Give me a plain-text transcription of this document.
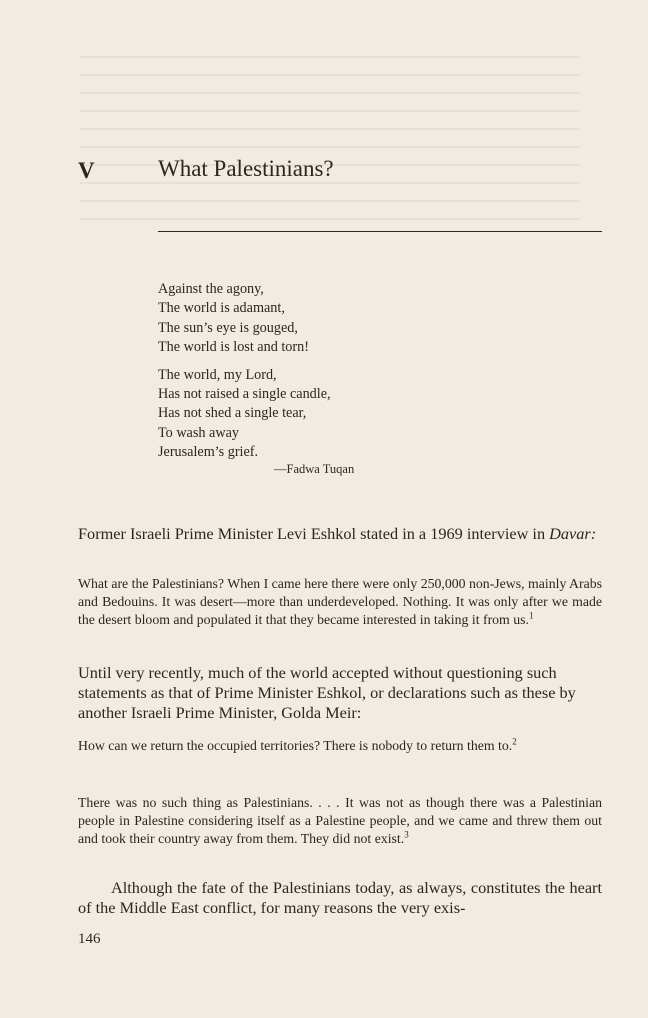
V	What Palestinians?
Against the agony,
The world is adamant,
The sun’s eye is gouged,
The world is lost and torn!
The world, my Lord,
Has not raised a single candle,
Has not shed a single tear,
To wash away
Jerusalem’s grief.
—Fadwa Tuqan

Former Israeli Prime Minister Levi Eshkol stated in a 1969 interview in Davar:

What are the Palestinians? When I came here there were only 250,000 non-Jews, mainly Arabs and Bedouins. It was desert—more than underdeveloped. Nothing. It was only after we made the desert bloom and populated it that they became interested in taking it from us.$^1$

Until very recently, much of the world accepted without questioning such statements as that of Prime Minister Eshkol, or declarations such as these by another Israeli Prime Minister, Golda Meir:

How can we return the occupied territories? There is nobody to return them to.$^2$

There was no such thing as Palestinians. . . . It was not as though there was a Palestinian people in Palestine considering itself as a Palestine people, and we came and threw them out and took their country away from them. They did not exist.$^3$

Although the fate of the Palestinians today, as always, constitutes the heart of the Middle East conflict, for many reasons the very exis-

146
